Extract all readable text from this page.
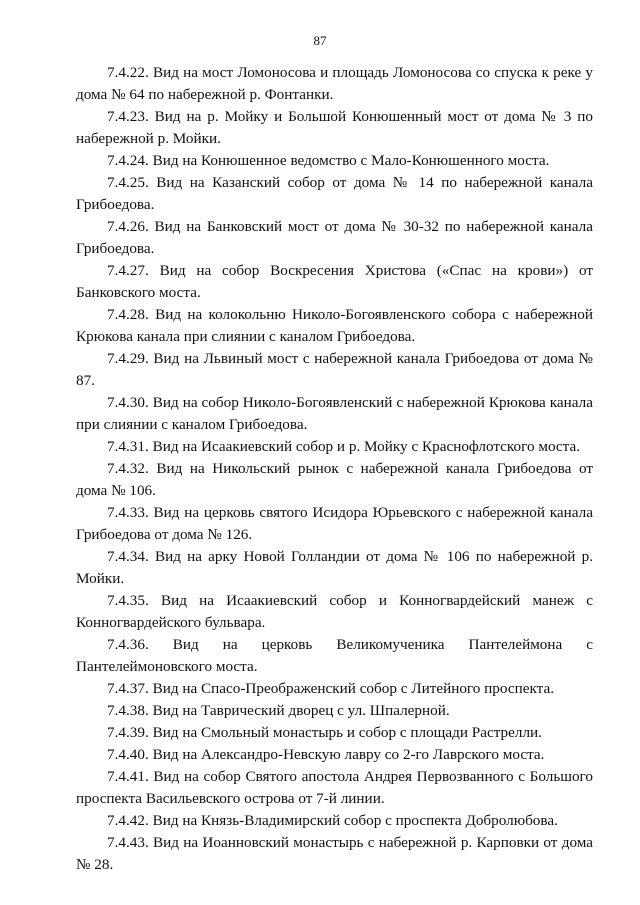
87

7.4.22. Вид на мост Ломоносова и площадь Ломоносова со спуска к реке у дома № 64 по набережной р. Фонтанки.

7.4.23. Вид на р. Мойку и Большой Конюшенный мост от дома № 3 по набережной р. Мойки.

7.4.24. Вид на Конюшенное ведомство с Мало-Конюшенного моста.

7.4.25. Вид на Казанский собор от дома № 14 по набережной канала Грибоедова.

7.4.26. Вид на Банковский мост от дома № 30-32 по набережной канала Грибоедова.

7.4.27. Вид на собор Воскресения Христова («Спас на крови») от Банковского моста.

7.4.28. Вид на колокольню Николо-Богоявленского собора с набережной Крюкова канала при слиянии с каналом Грибоедова.

7.4.29. Вид на Львиный мост с набережной канала Грибоедова от дома № 87.

7.4.30. Вид на собор Николо-Богоявленский с набережной Крюкова канала при слиянии с каналом Грибоедова.

7.4.31. Вид на Исаакиевский собор и р. Мойку с Краснофлотского моста.

7.4.32. Вид на Никольский рынок с набережной канала Грибоедова от дома № 106.

7.4.33. Вид на церковь святого Исидора Юрьевского с набережной канала Грибоедова от дома № 126.

7.4.34. Вид на арку Новой Голландии от дома № 106 по набережной р. Мойки.

7.4.35. Вид на Исаакиевский собор и Конногвардейский манеж с Конногвардейского бульвара.

7.4.36. Вид на церковь Великомученика Пантелеймона с Пантелеймоновского моста.

7.4.37. Вид на Спасо-Преображенский собор с Литейного проспекта.

7.4.38. Вид на Таврический дворец с ул. Шпалерной.

7.4.39. Вид на Смольный монастырь и собор с площади Растрелли.

7.4.40. Вид на Александро-Невскую лавру со 2-го Лаврского моста.

7.4.41. Вид на собор Святого апостола Андрея Первозванного с Большого проспекта Васильевского острова от 7-й линии.

7.4.42. Вид на Князь-Владимирский собор с проспекта Добролюбова.

7.4.43. Вид на Иоанновский монастырь с набережной р. Карповки от дома № 28.
